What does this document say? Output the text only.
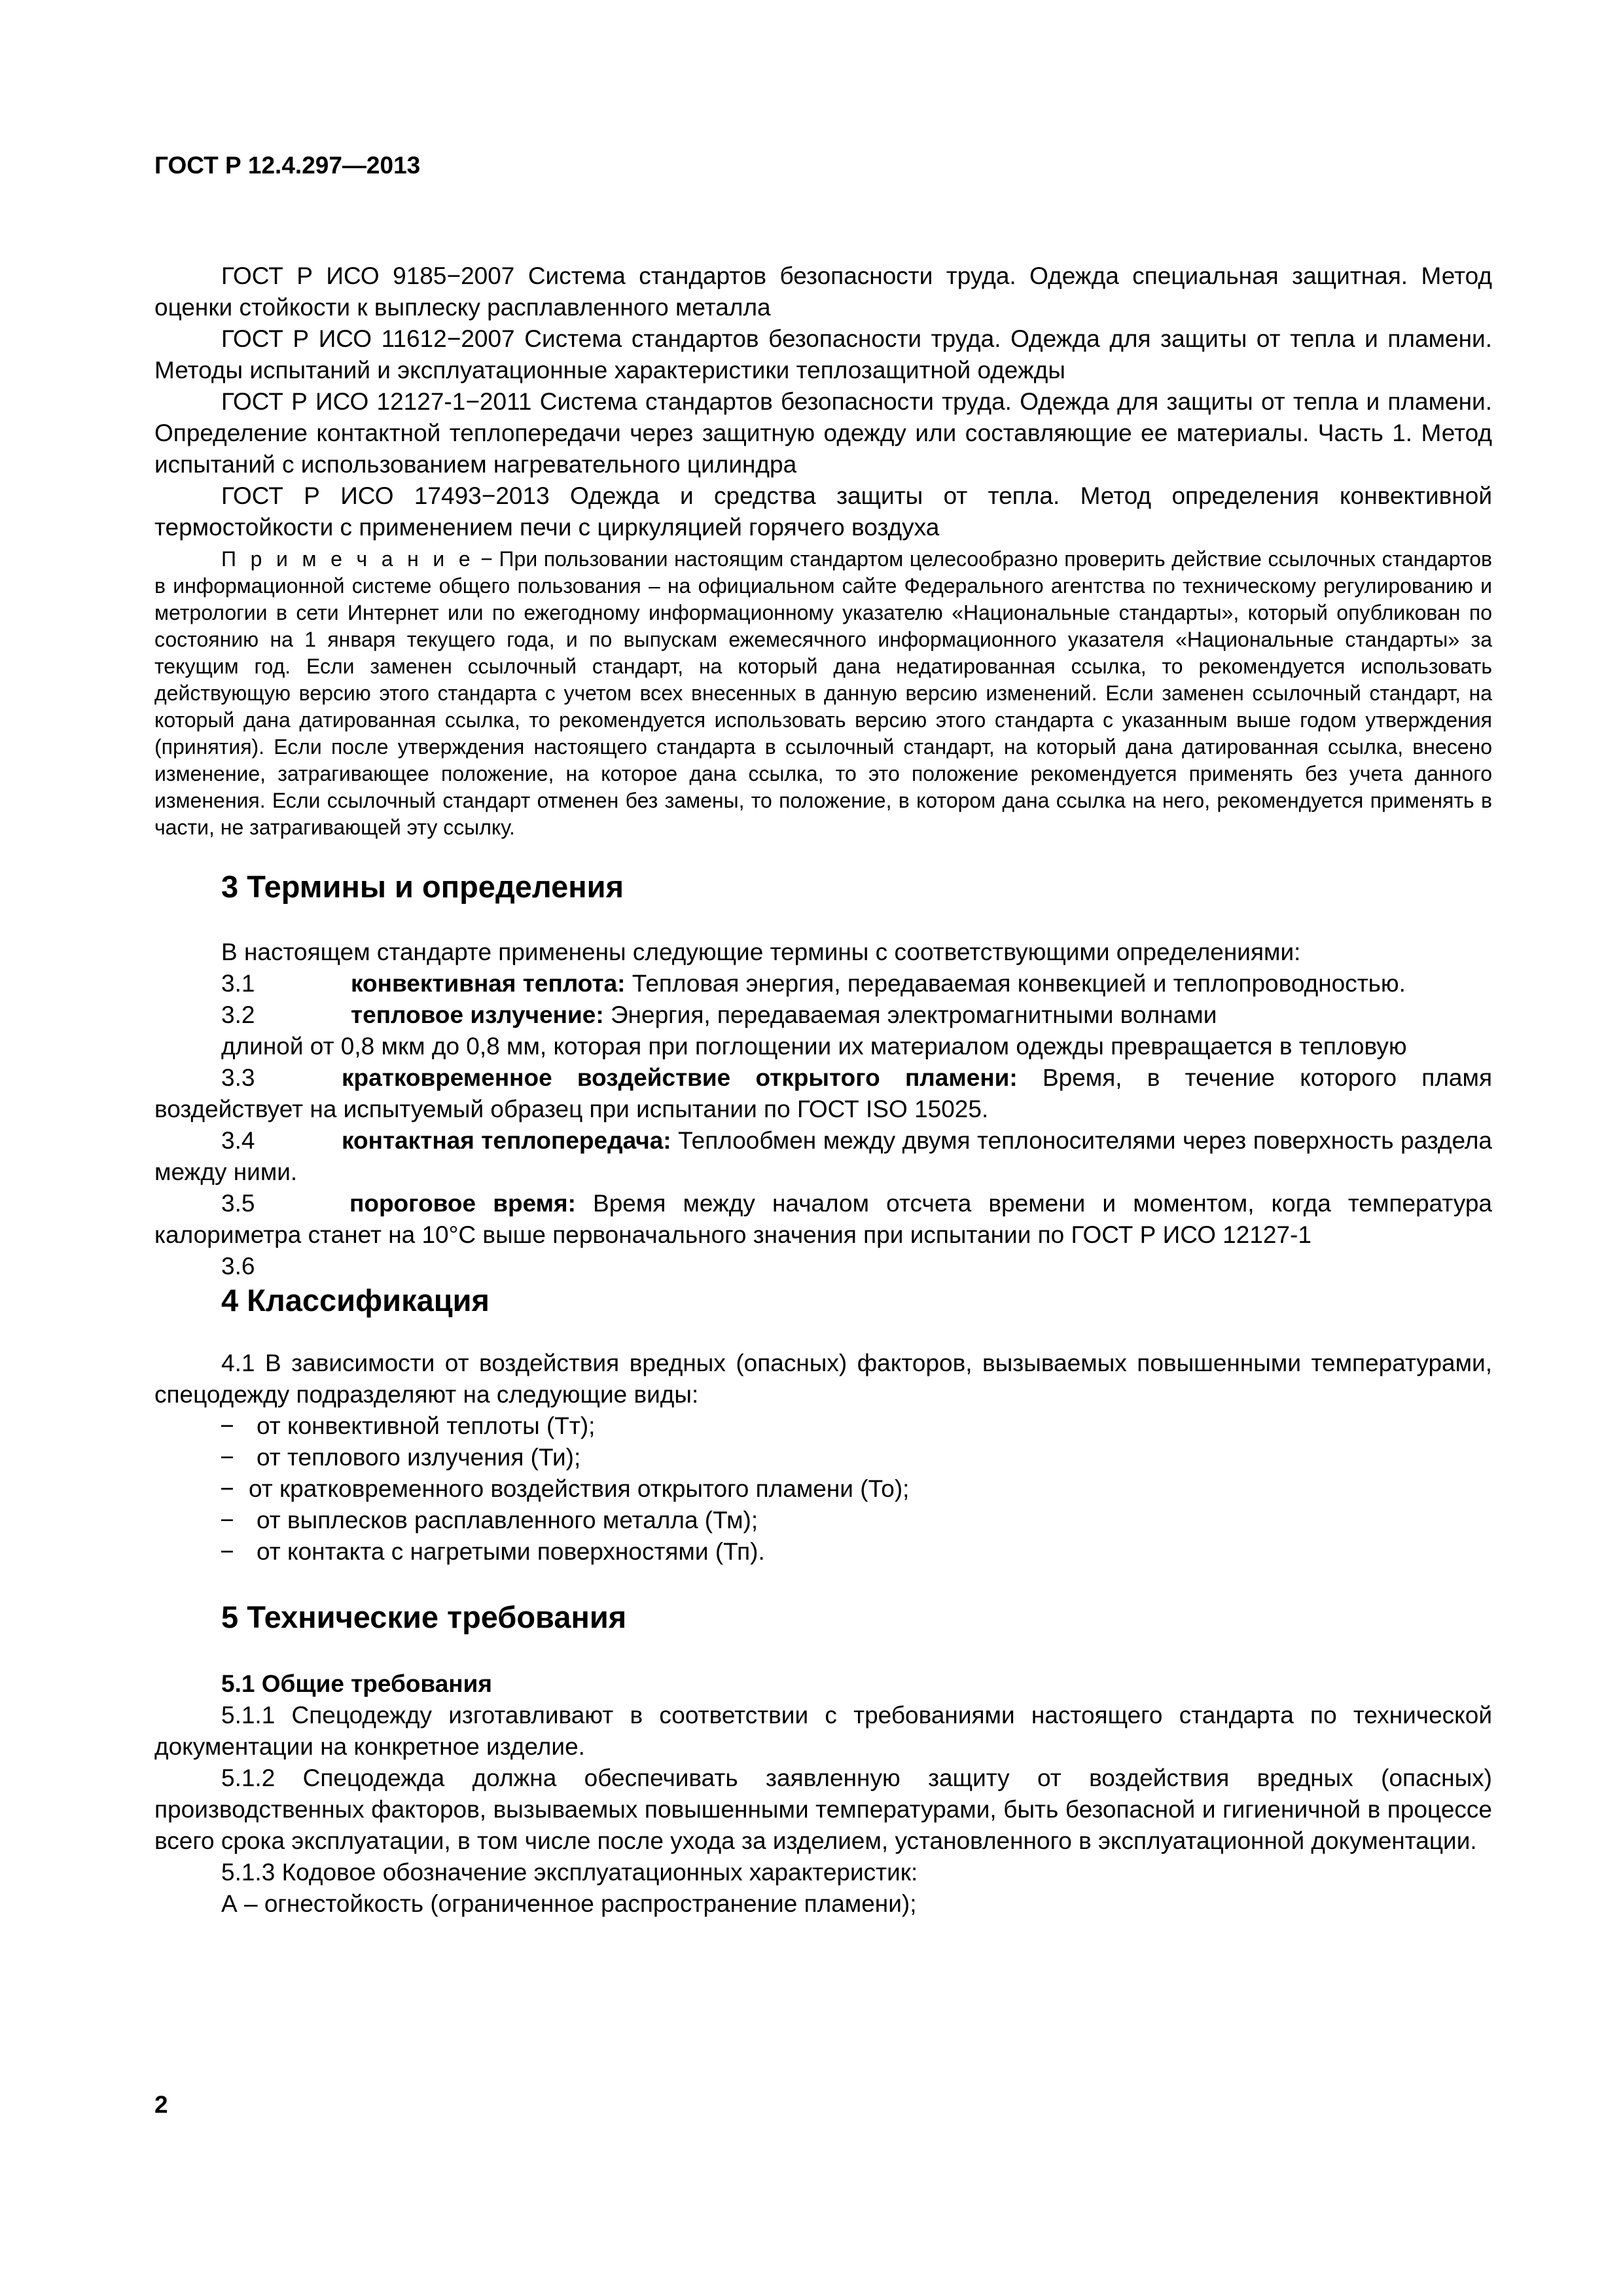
ГОСТ Р 12.4.297—2013

ГОСТ Р ИСО 9185−2007 Система стандартов безопасности труда. Одежда специальная защитная. Метод оценки стойкости к выплеску расплавленного металла

ГОСТ Р ИСО 11612−2007 Система стандартов безопасности труда. Одежда для защиты от тепла и пламени. Методы испытаний и эксплуатационные характеристики теплозащитной одежды

ГОСТ Р ИСО 12127-1−2011 Система стандартов безопасности труда. Одежда для защиты от тепла и пламени. Определение контактной теплопередачи через защитную одежду или составляющие ее материалы. Часть 1. Метод испытаний с использованием нагревательного цилиндра

ГОСТ Р ИСО 17493−2013 Одежда и средства защиты от тепла. Метод определения конвективной термостойкости с применением печи с циркуляцией горячего воздуха

П р и м е ч а н и е − При пользовании настоящим стандартом целесообразно проверить действие ссылочных стандартов в информационной системе общего пользования – на официальном сайте Федерального агентства по техническому регулированию и метрологии в сети Интернет или по ежегодному информационному указателю «Национальные стандарты», который опубликован по состоянию на 1 января текущего года, и по выпускам ежемесячного информационного указателя «Национальные стандарты» за текущим год. Если заменен ссылочный стандарт, на который дана недатированная ссылка, то рекомендуется использовать действующую версию этого стандарта с учетом всех внесенных в данную версию изменений. Если заменен ссылочный стандарт, на который дана датированная ссылка, то рекомендуется использовать версию этого стандарта с указанным выше годом утверждения (принятия). Если после утверждения настоящего стандарта в ссылочный стандарт, на который дана датированная ссылка, внесено изменение, затрагивающее положение, на которое дана ссылка, то это положение рекомендуется применять без учета данного изменения. Если ссылочный стандарт отменен без замены, то положение, в котором дана ссылка на него, рекомендуется применять в части, не затрагивающей эту ссылку.

3 Термины и определения

В настоящем стандарте применены следующие термины с соответствующими определениями:

3.1	конвективная теплота: Тепловая энергия, передаваемая конвекцией и теплопроводностью.

3.2	тепловое излучение: Энергия, передаваемая электромагнитными волнами

длиной от 0,8 мкм до 0,8 мм, которая при поглощении их материалом одежды превращается в тепловую

3.3	кратковременное воздействие открытого пламени: Время, в течение которого пламя воздействует на испытуемый образец при испытании по ГОСТ ISO 15025.

3.4	контактная теплопередача: Теплообмен между двумя теплоносителями через поверхность раздела между ними.

3.5	пороговое время: Время между началом отсчета времени и моментом, когда температура калориметра станет на 10°С выше первоначального значения при испытании по ГОСТ Р ИСО 12127-1

3.6

4 Классификация

4.1 В зависимости от воздействия вредных (опасных) факторов, вызываемых повышенными температурами, спецодежду подразделяют на следующие виды:

− от конвективной теплоты (Тт);
− от теплового излучения (Ти);
− от кратковременного воздействия открытого пламени (То);
− от выплесков расплавленного металла (Тм);
− от контакта с нагретыми поверхностями (Тп).
5 Технические требования
5.1 Общие требования

5.1.1 Спецодежду изготавливают в соответствии с требованиями настоящего стандарта по технической документации на конкретное изделие.

5.1.2 Спецодежда должна обеспечивать заявленную защиту от воздействия вредных (опасных) производственных факторов, вызываемых повышенными температурами, быть безопасной и гигиеничной в процессе всего срока эксплуатации, в том числе после ухода за изделием, установленного в эксплуатационной документации.

5.1.3 Кодовое обозначение эксплуатационных характеристик:

А – огнестойкость (ограниченное распространение пламени);

2
